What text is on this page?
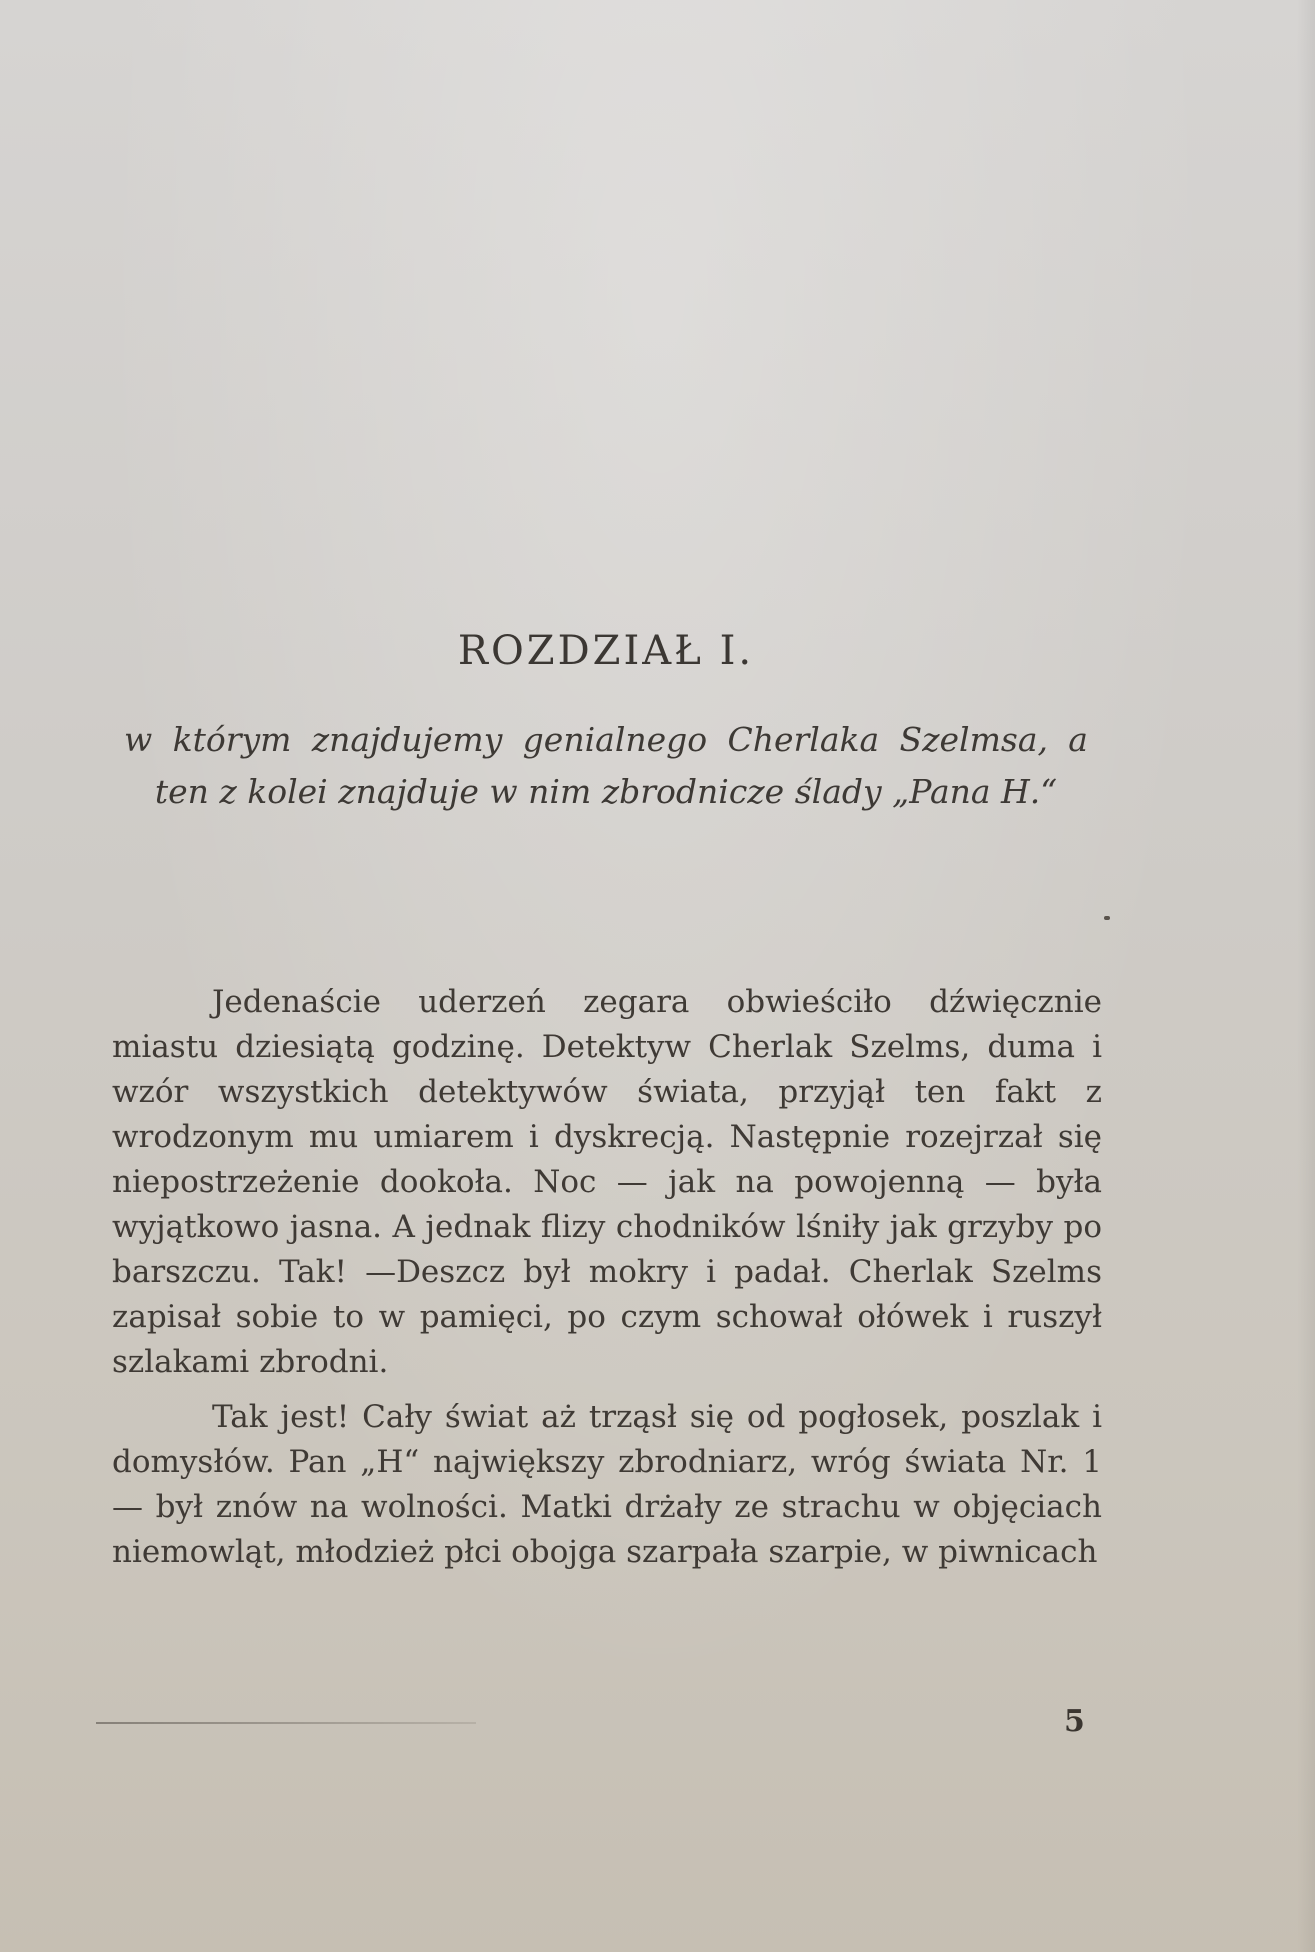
ROZDZIAŁ I.

w którym znajdujemy genialnego Cherlaka Szelmsa, a ten z kolei znajduje w nim zbrodnicze ślady „Pana H.“

Jedenaście uderzeń zegara obwieściło dźwięcznie miastu dziesiątą godzinę. Detektyw Cherlak Szelms, duma i wzór wszystkich detektywów świata, przyjął ten fakt z wrodzonym mu umiarem i dyskrecją. Następnie rozejrzał się niepostrzeżenie dookoła. Noc — jak na powojenną — była wyjątkowo jasna. A jednak flizy chodników lśniły jak grzyby po barszczu. Tak! —Deszcz był mokry i padał. Cherlak Szelms zapisał sobie to w pamięci, po czym schował ołówek i ruszył szlakami zbrodni.

Tak jest! Cały świat aż trząsł się od pogłosek, poszlak i domysłów. Pan „H“ największy zbrodniarz, wróg świata Nr. 1 — był znów na wolności. Matki drżały ze strachu w objęciach niemowląt, młodzież płci obojga szarpała szarpie, w piwnicach

5
